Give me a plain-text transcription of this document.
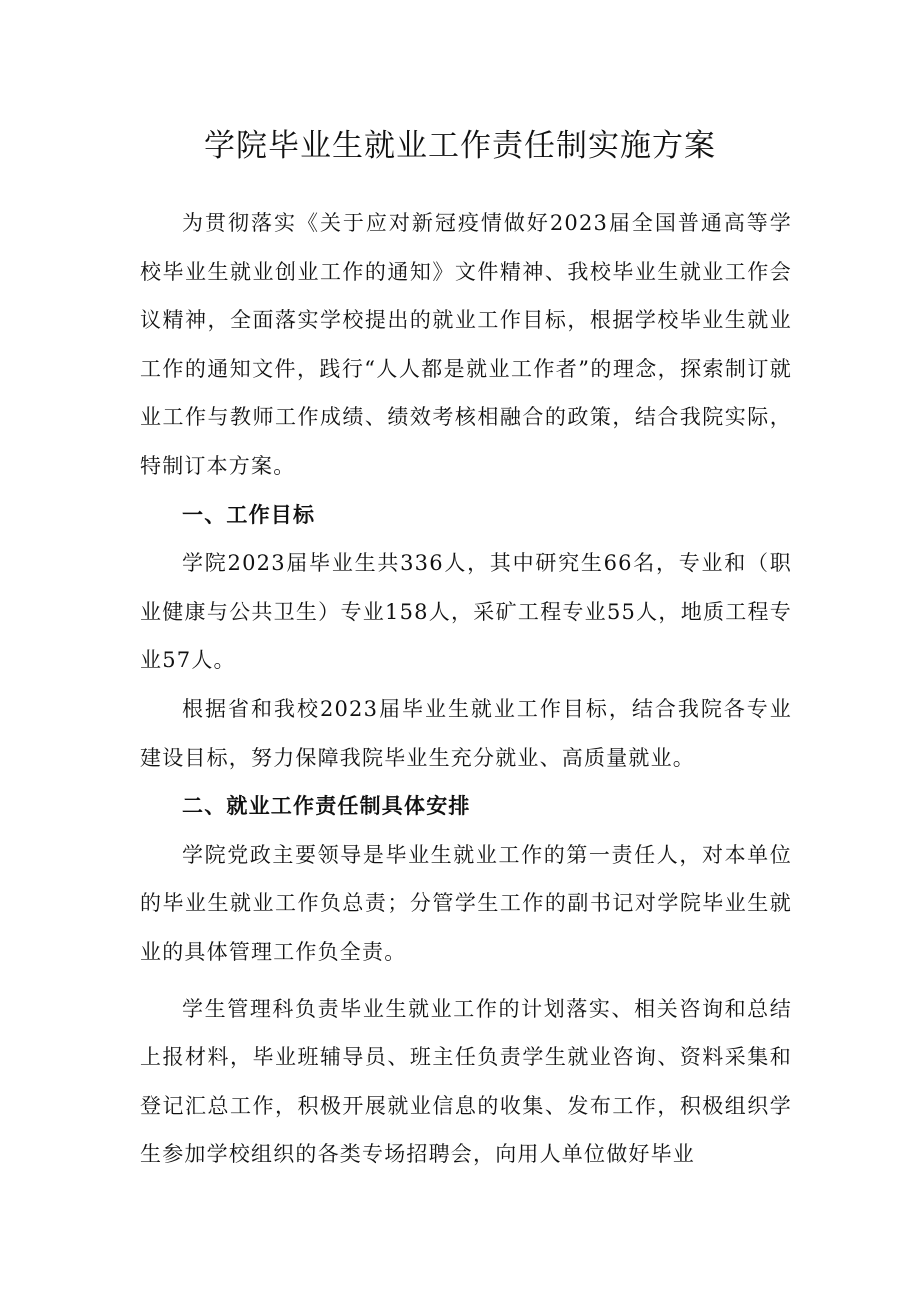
学院毕业生就业工作责任制实施方案

为贯彻落实《关于应对新冠疫情做好2023届全国普通高等学校毕业生就业创业工作的通知》文件精神、我校毕业生就业工作会议精神，全面落实学校提出的就业工作目标，根据学校毕业生就业工作的通知文件，践行“人人都是就业工作者”的理念，探索制订就业工作与教师工作成绩、绩效考核相融合的政策，结合我院实际，特制订本方案。

一、工作目标

学院2023届毕业生共336人，其中研究生66名，专业和（职业健康与公共卫生）专业158人，采矿工程专业55人，地质工程专业57人。

根据省和我校2023届毕业生就业工作目标，结合我院各专业建设目标，努力保障我院毕业生充分就业、高质量就业。

二、就业工作责任制具体安排

学院党政主要领导是毕业生就业工作的第一责任人，对本单位的毕业生就业工作负总责；分管学生工作的副书记对学院毕业生就业的具体管理工作负全责。

学生管理科负责毕业生就业工作的计划落实、相关咨询和总结上报材料，毕业班辅导员、班主任负责学生就业咨询、资料采集和登记汇总工作，积极开展就业信息的收集、发布工作，积极组织学生参加学校组织的各类专场招聘会，向用人单位做好毕业
